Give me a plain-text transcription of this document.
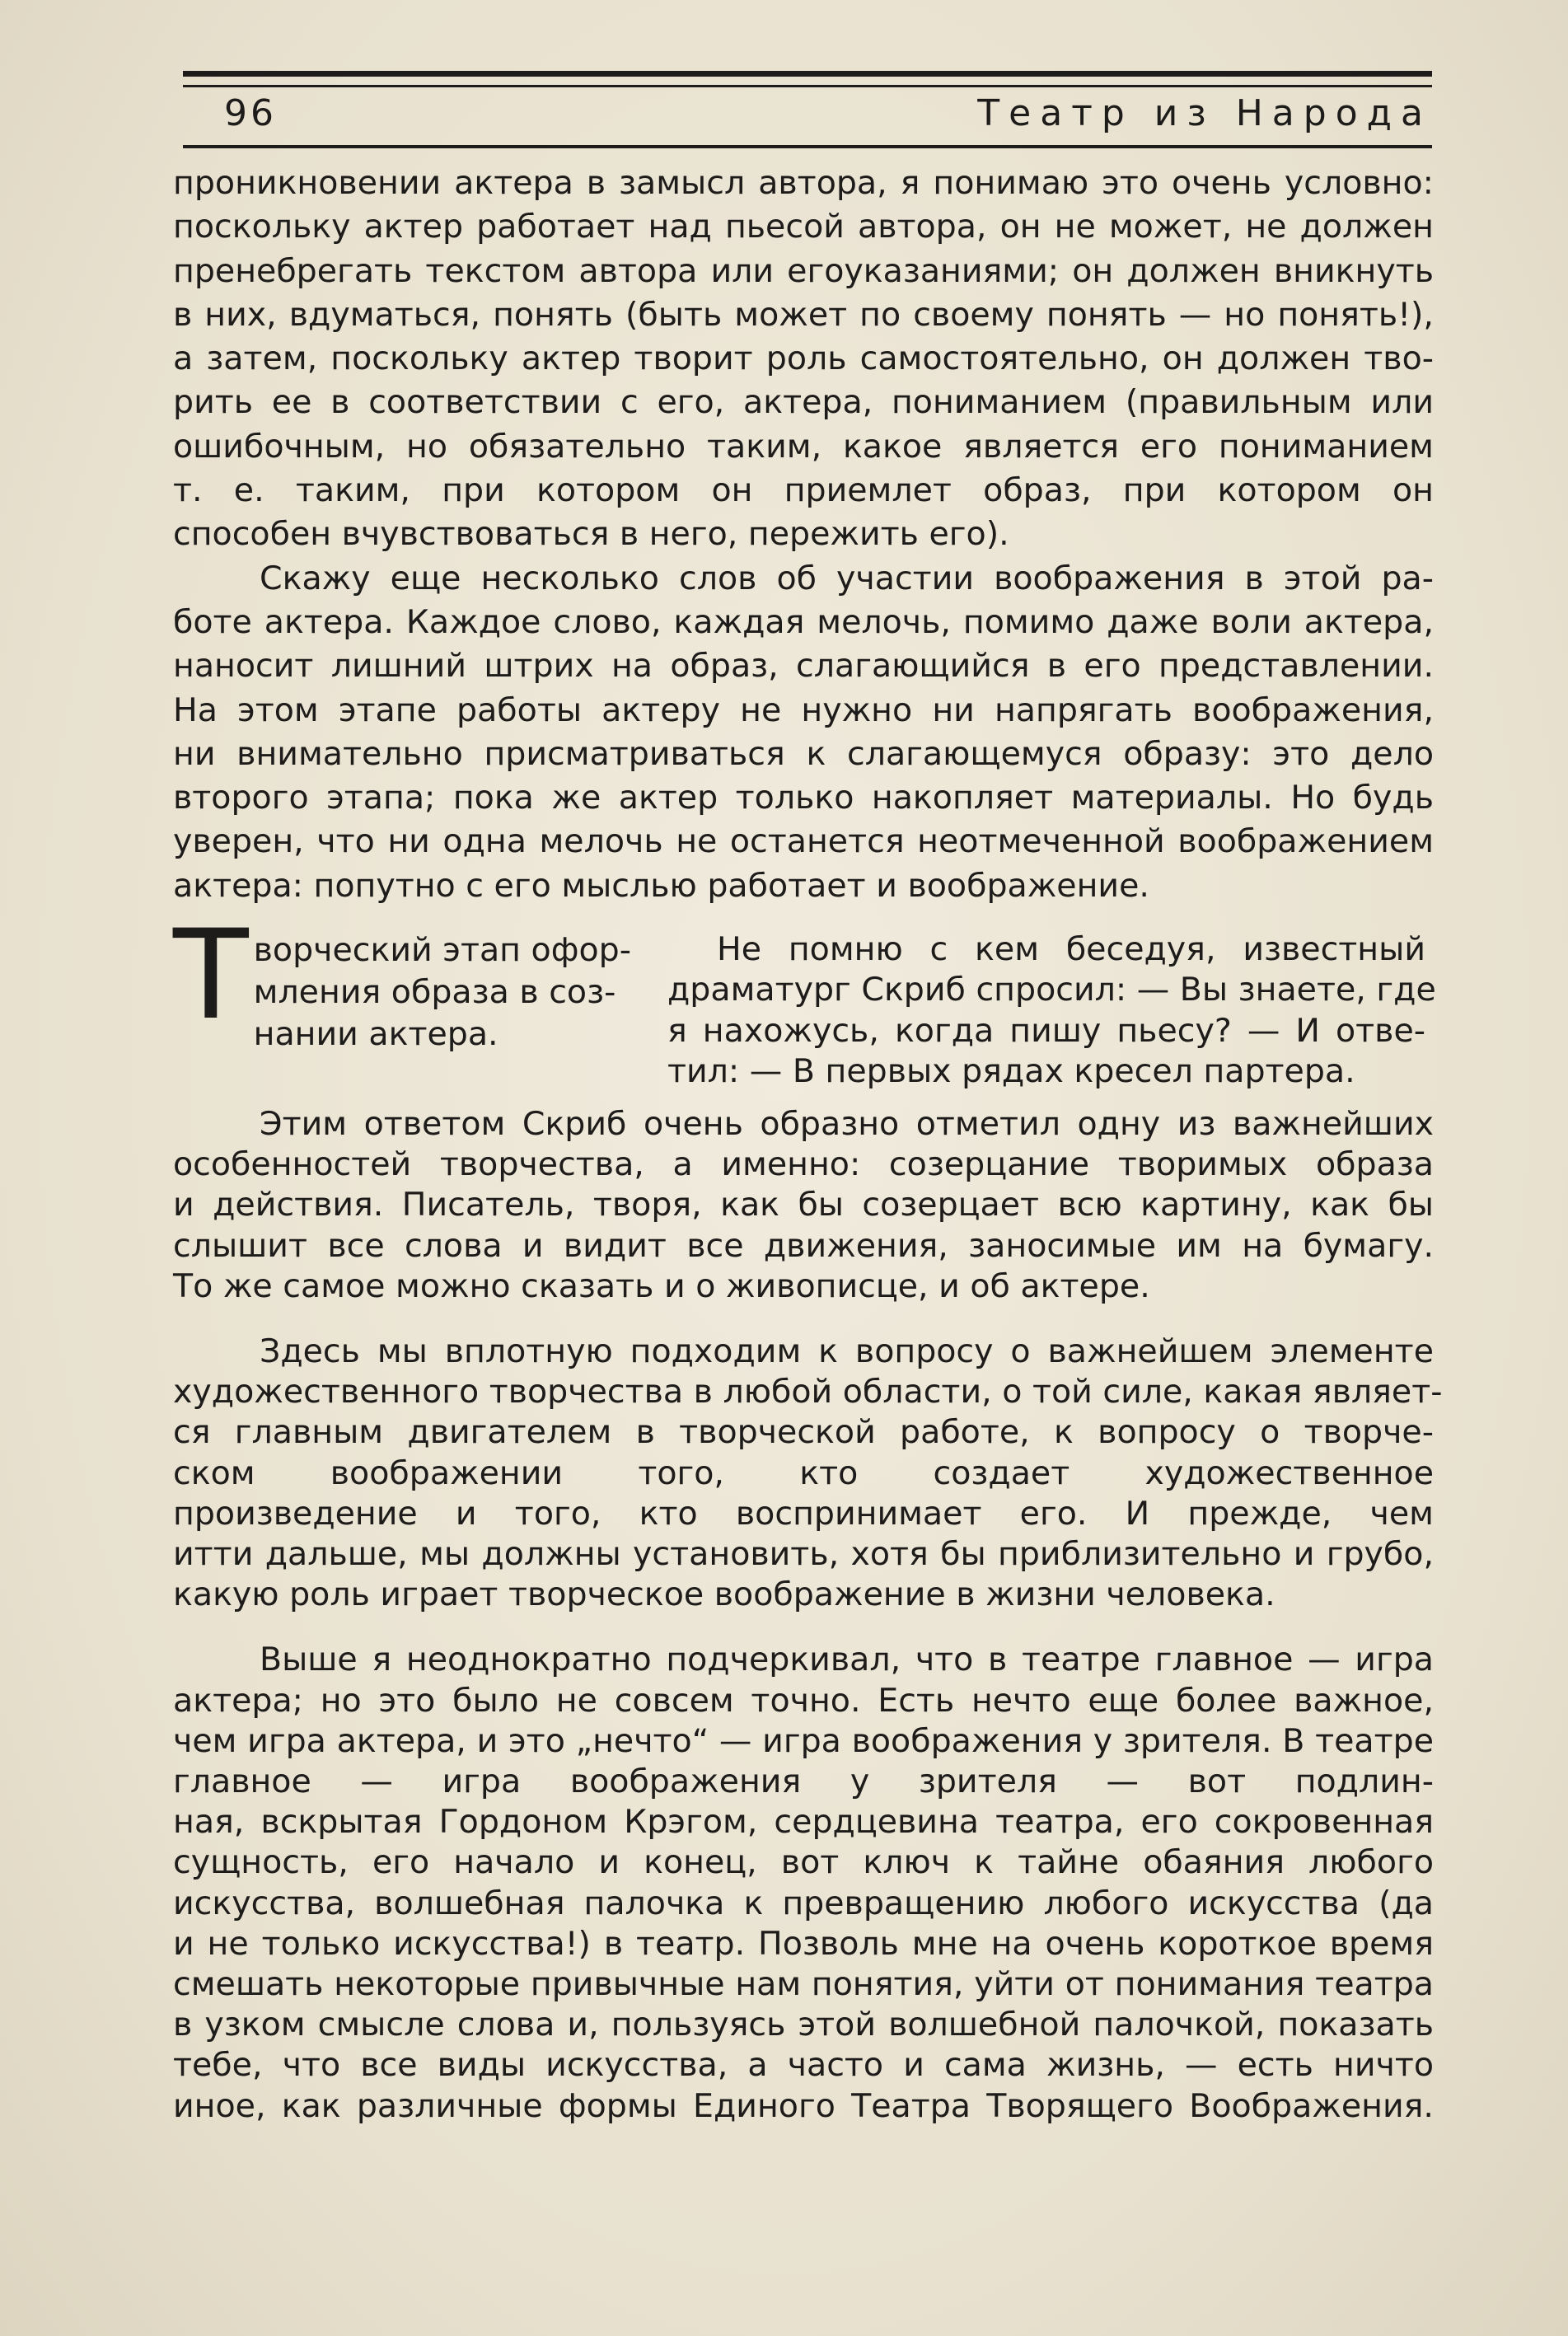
96	Театр из Народа
проникновении актера в замысл автора, я понимаю это очень условно:
поскольку актер работает над пьесой автора, он не может, не должен
пренебрегать текстом автора или егоуказаниями; он должен вникнуть
в них, вдуматься, понять (быть может по своему понять — но понять!),
а затем, поскольку актер творит роль самостоятельно, он должен тво-
рить ее в соответствии с его, актера, пониманием (правильным или
ошибочным, но обязательно таким, какое является его пониманием
т. е. таким, при котором он приемлет образ, при котором он
способен вчувствоваться в него, пережить его).
Скажу еще несколько слов об участии воображения в этой ра-
боте актера. Каждое слово, каждая мелочь, помимо даже воли актера,
наносит лишний штрих на образ, слагающийся в его представлении.
На этом этапе работы актеру не нужно ни напрягать воображения,
ни внимательно присматриваться к слагающемуся образу: это дело
второго этапа; пока же актер только накопляет материалы. Но будь
уверен, что ни одна мелочь не останется неотмеченной воображением
актера: попутно с его мыслью работает и воображение.
Т ворческий этап офор-
мления образа в соз-
нании актера.
Не помню с кем беседуя, известный
драматург Скриб спросил: — Вы знаете, где
я нахожусь, когда пишу пьесу? — И отве-
тил: — В первых рядах кресел партера.
Этим ответом Скриб очень образно отметил одну из важнейших
особенностей творчества, а именно: созерцание творимых образа
и действия. Писатель, творя, как бы созерцает всю картину, как бы
слышит все слова и видит все движения, заносимые им на бумагу.
То же самое можно сказать и о живописце, и об актере.
Здесь мы вплотную подходим к вопросу о важнейшем элементе
художественного творчества в любой области, о той силе, какая являет-
ся главным двигателем в творческой работе, к вопросу о творче-
ском воображении того, кто создает художественное
произведение и того, кто воспринимает его. И прежде, чем
итти дальше, мы должны установить, хотя бы приблизительно и грубо,
какую роль играет творческое воображение в жизни человека.
Выше я неоднократно подчеркивал, что в театре главное — игра
актера; но это было не совсем точно. Есть нечто еще более важное,
чем игра актера, и это „нечто“ — игра воображения у зрителя. В театре
главное — игра воображения у зрителя — вот подлин-
ная, вскрытая Гордоном Крэгом, сердцевина театра, его сокровенная
сущность, его начало и конец, вот ключ к тайне обаяния любого
искусства, волшебная палочка к превращению любого искусства (да
и не только искусства!) в театр. Позволь мне на очень короткое время
смешать некоторые привычные нам понятия, уйти от понимания театра
в узком смысле слова и, пользуясь этой волшебной палочкой, показать
тебе, что все виды искусства, а часто и сама жизнь, — есть ничто
иное, как различные формы Единого Театра Творящего Воображения.
